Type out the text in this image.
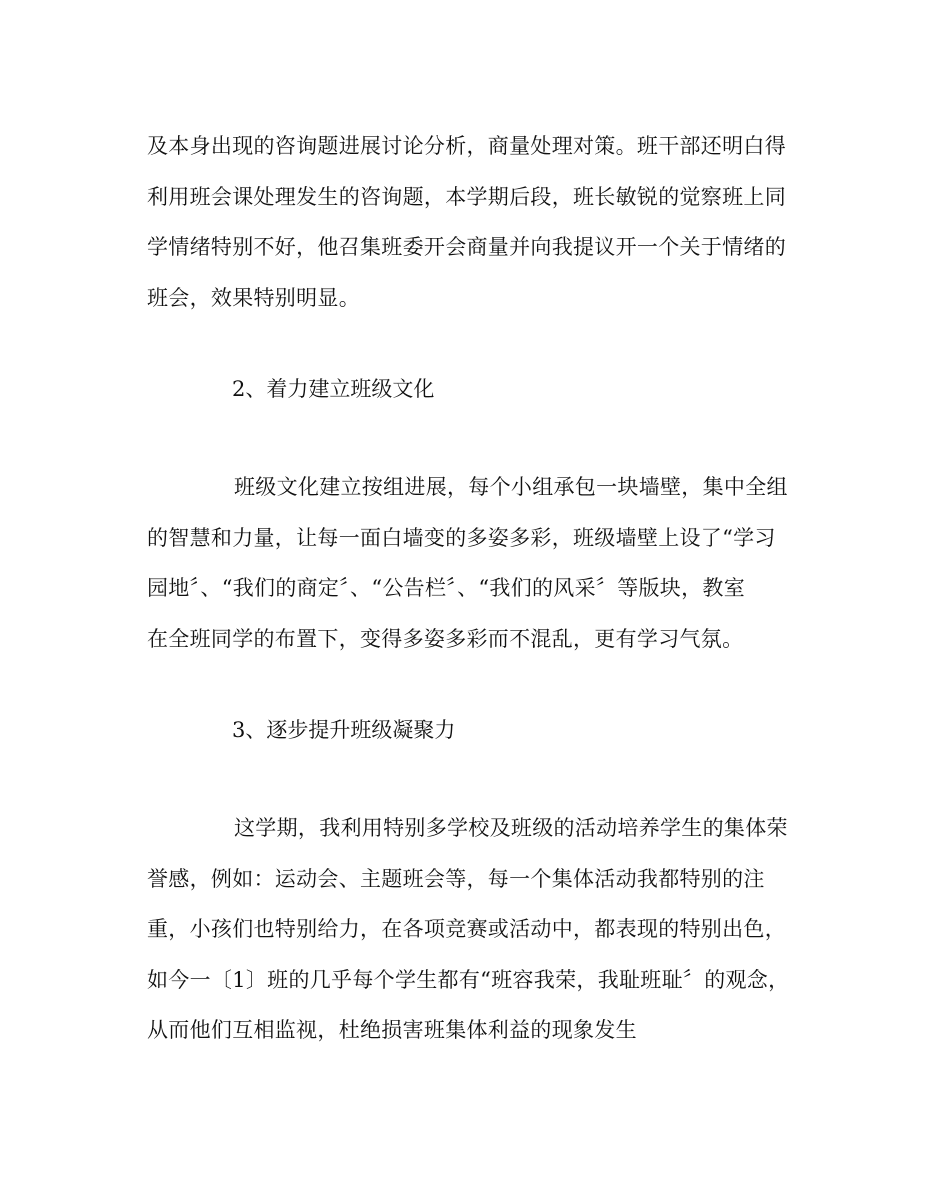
及本身出现的咨询题进展讨论分析，商量处理对策。班干部还明白得
利用班会课处理发生的咨询题，本学期后段，班长敏锐的觉察班上同
学情绪特别不好，他召集班委开会商量并向我提议开一个关于情绪的
班会，效果特别明显。
2、着力建立班级文化
班级文化建立按组进展，每个小组承包一块墙壁，集中全组
的智慧和力量，让每一面白墙变的多姿多彩，班级墙壁上设了“学习
园地〞、“我们的商定〞、“公告栏〞、“我们的风采〞等版块，教室
在全班同学的布置下，变得多姿多彩而不混乱，更有学习气氛。
3、逐步提升班级凝聚力
这学期，我利用特别多学校及班级的活动培养学生的集体荣
誉感，例如：运动会、主题班会等，每一个集体活动我都特别的注
重，小孩们也特别给力，在各项竞赛或活动中，都表现的特别出色，
如今一〔1〕班的几乎每个学生都有“班容我荣，我耻班耻〞的观念，
从而他们互相监视，杜绝损害班集体利益的现象发生
